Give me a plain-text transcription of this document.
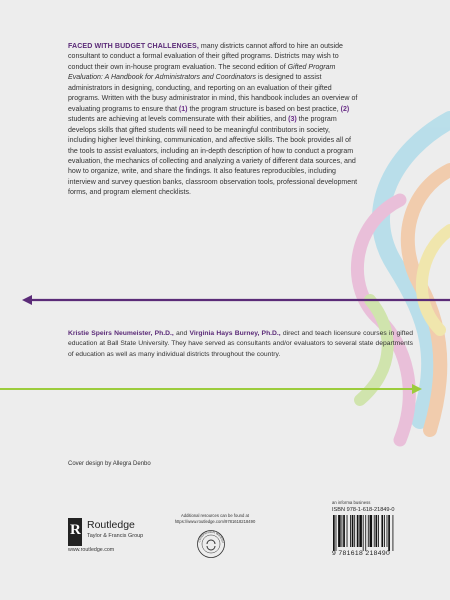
FACED WITH BUDGET CHALLENGES, many districts cannot afford to hire an outside consultant to conduct a formal evaluation of their gifted programs. Districts may wish to conduct their own in-house program evaluation. The second edition of Gifted Program Evaluation: A Handbook for Administrators and Coordinators is designed to assist administrators in designing, conducting, and reporting on an evaluation of their gifted programs. Written with the busy administrator in mind, this handbook includes an overview of evaluating programs to ensure that (1) the program structure is based on best practice, (2) students are achieving at levels commensurate with their abilities, and (3) the program develops skills that gifted students will need to be meaningful contributors in society, including higher level thinking, communication, and affective skills. The book provides all of the tools to assist evaluators, including an in-depth description of how to conduct a program evaluation, the mechanics of collecting and analyzing a variety of different data sources, and how to organize, write, and share the findings. It also features reproducibles, including interview and survey question banks, classroom observation tools, professional development forms, and program element checklists.
Kristie Speirs Neumeister, Ph.D., and Virginia Hays Burney, Ph.D., direct and teach licensure courses in gifted education at Ball State University. They have served as consultants and/or evaluators to several state departments of education as well as many individual districts throughout the country.
Cover design by Allegra Denbo
R Routledge
Taylor & Francis Group
www.routledge.com
Additional resources can be found at
https://www.routledge.com/9781618218490
COMPANION WEBSIT
an informa business
ISBN 978-1-618-21849-0
9 781618 218490
